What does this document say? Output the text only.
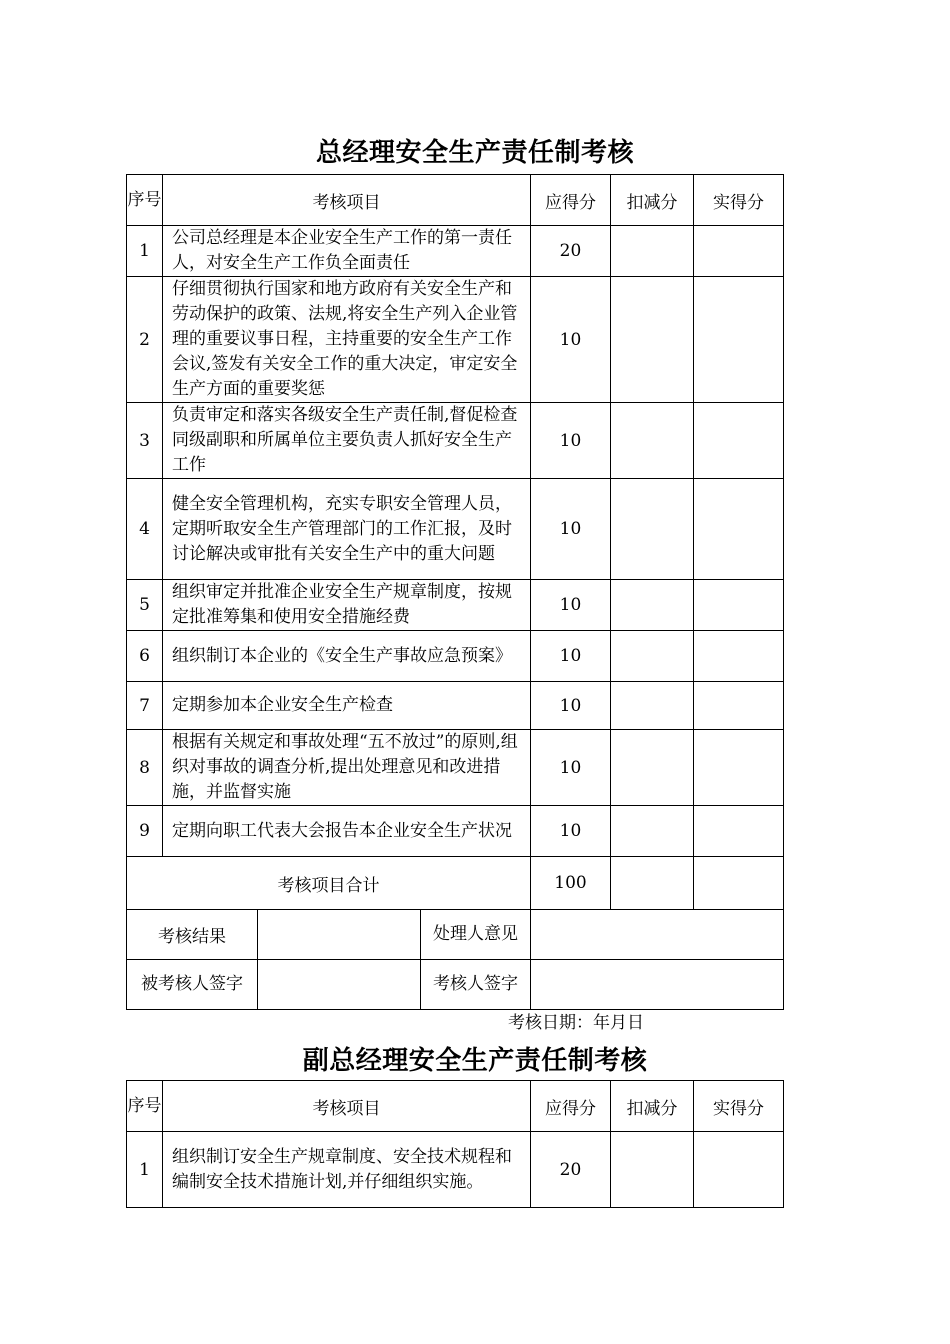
总经理安全生产责任制考核
序号	考核项目			应得分	扣减分	实得分
1	公司总经理是本企业安全生产工作的第一责任人，对安全生产工作负全面责任			20		
2	仔细贯彻执行国家和地方政府有关安全生产和劳动保护的政策、法规,将安全生产列入企业管理的重要议事日程，主持重要的安全生产工作会议,签发有关安全工作的重大决定，审定安全生产方面的重要奖惩			10		
3	负责审定和落实各级安全生产责任制,督促检查同级副职和所属单位主要负责人抓好安全生产工作			10		
4	健全安全管理机构，充实专职安全管理人员，定期听取安全生产管理部门的工作汇报，及时讨论解决或审批有关安全生产中的重大问题			10		
5	组织审定并批准企业安全生产规章制度，按规定批准筹集和使用安全措施经费			10		
6	组织制订本企业的《安全生产事故应急预案》			10		
7	定期参加本企业安全生产检查			10		
8	根据有关规定和事故处理“五不放过”的原则,组织对事故的调查分析,提出处理意见和改进措施，并监督实施			10		
9	定期向职工代表大会报告本企业安全生产状况			10		
考核项目合计				100		
考核结果			处理人意见			
被考核人签字			考核人签字			
考核日期：年月日
副总经理安全生产责任制考核
序号	考核项目	应得分	扣减分	实得分
1	组织制订安全生产规章制度、安全技术规程和编制安全技术措施计划,并仔细组织实施。	20		
